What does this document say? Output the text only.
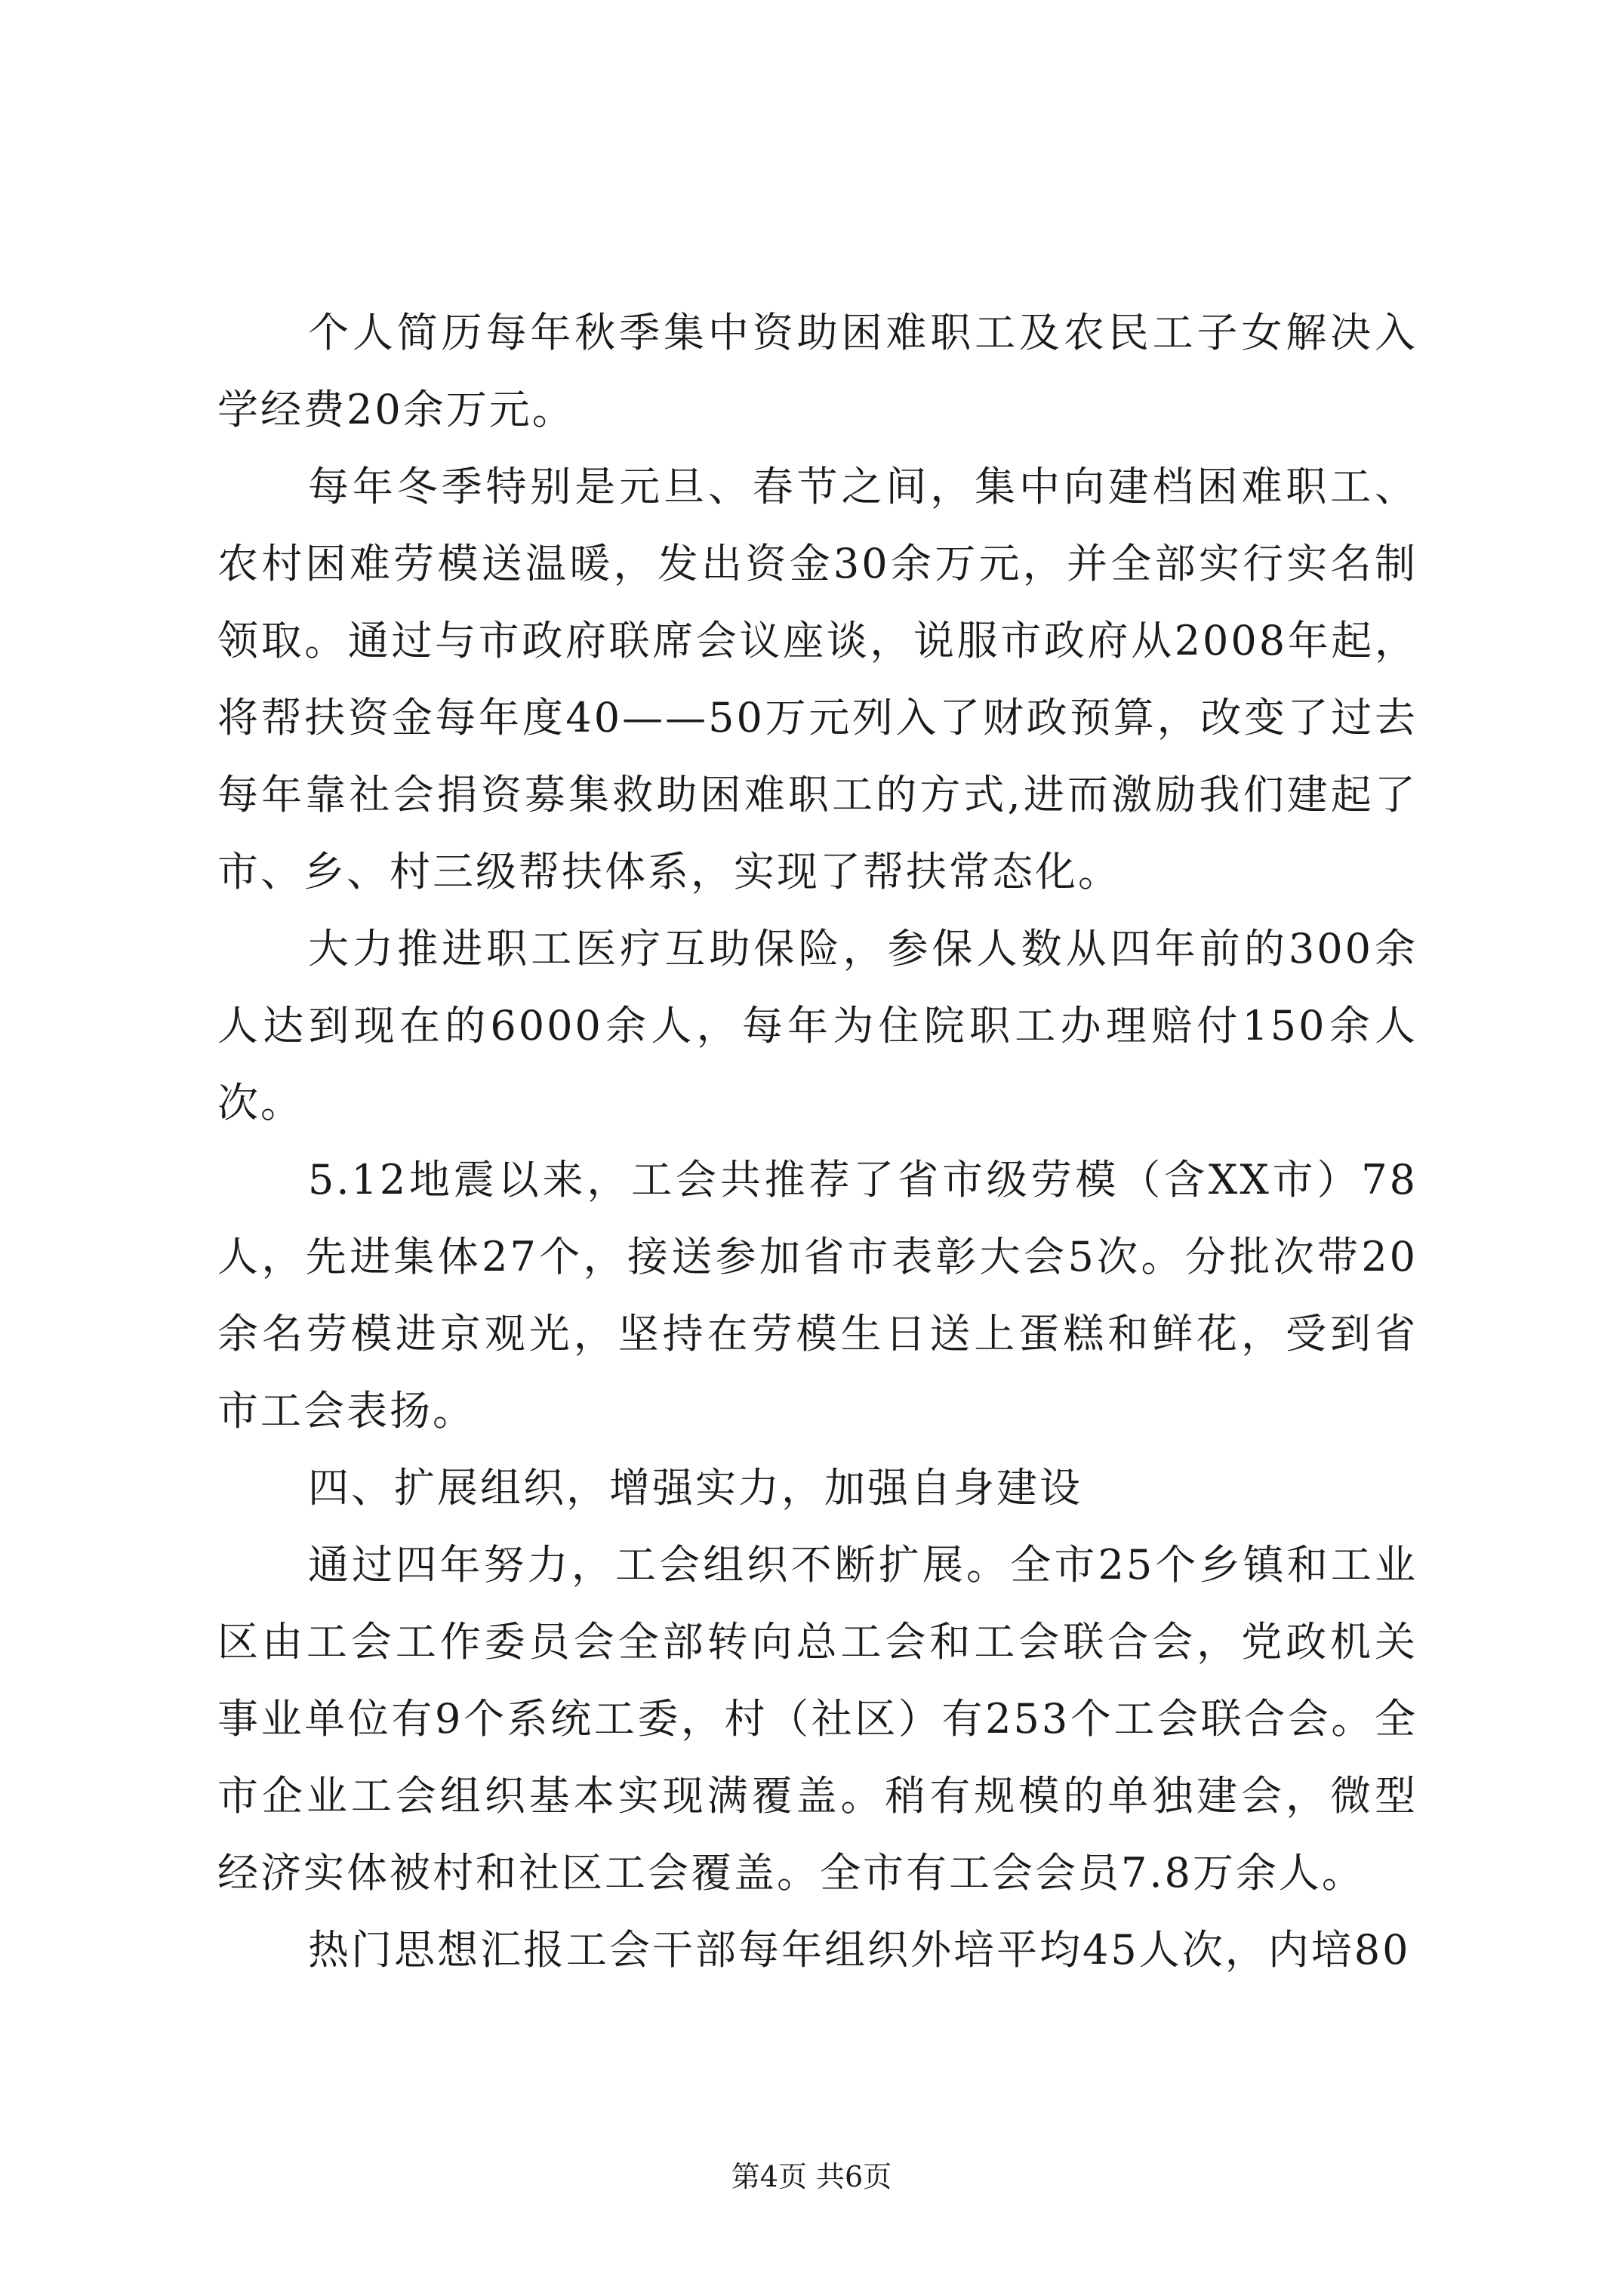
个人简历每年秋季集中资助困难职工及农民工子女解决入学经费20余万元。

每年冬季特别是元旦、春节之间，集中向建档困难职工、农村困难劳模送温暖，发出资金30余万元，并全部实行实名制领取。通过与市政府联席会议座谈，说服市政府从2008年起，将帮扶资金每年度40——50万元列入了财政预算，改变了过去每年靠社会捐资募集救助困难职工的方式,进而激励我们建起了市、乡、村三级帮扶体系，实现了帮扶常态化。

大力推进职工医疗互助保险，参保人数从四年前的300余人达到现在的6000余人，每年为住院职工办理赔付150余人次。

5.12地震以来，工会共推荐了省市级劳模（含XX市）78人，先进集体27个，接送参加省市表彰大会5次。分批次带20余名劳模进京观光，坚持在劳模生日送上蛋糕和鲜花，受到省市工会表扬。

四、扩展组织，增强实力，加强自身建设

通过四年努力，工会组织不断扩展。全市25个乡镇和工业区由工会工作委员会全部转向总工会和工会联合会，党政机关事业单位有9个系统工委，村（社区）有253个工会联合会。全市企业工会组织基本实现满覆盖。稍有规模的单独建会，微型经济实体被村和社区工会覆盖。全市有工会会员7.8万余人。

热门思想汇报工会干部每年组织外培平均45人次，内培80

第4页 共6页
